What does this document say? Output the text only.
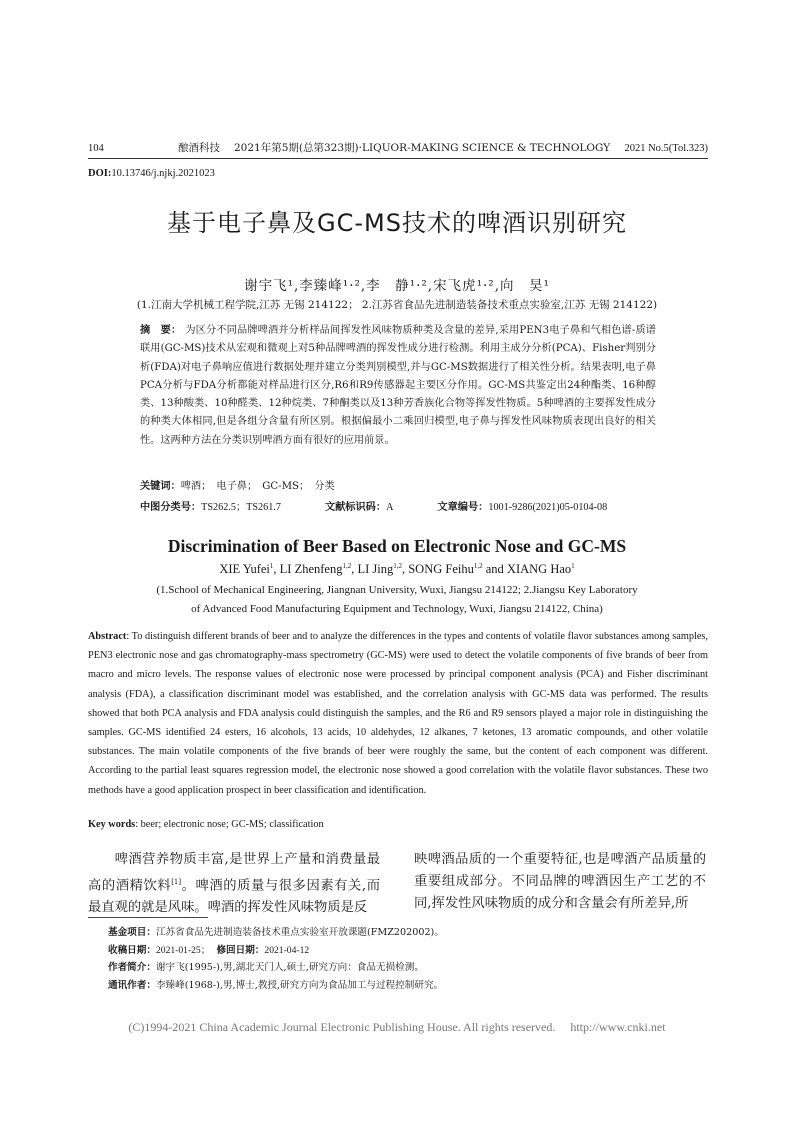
104	酿酒科技 2021年第5期(总第323期)·LIQUOR-MAKING SCIENCE & TECHNOLOGY	2021 No.5(Tol.323)
DOI:10.13746/j.njkj.2021023
基于电子鼻及GC-MS技术的啤酒识别研究
谢宇飞¹,李臻峰¹·²,李　静¹·²,宋飞虎¹·²,向　昊¹
(1.江南大学机械工程学院,江苏 无锡 214122； 2.江苏省食品先进制造装备技术重点实验室,江苏 无锡 214122)
摘　要： 为区分不同品牌啤酒并分析样品间挥发性风味物质种类及含量的差异,采用PEN3电子鼻和气相色谱-质谱联用(GC-MS)技术从宏观和微观上对5种品牌啤酒的挥发性成分进行检测。利用主成分分析(PCA)、Fisher判别分析(FDA)对电子鼻响应值进行数据处理并建立分类判别模型,并与GC-MS数据进行了相关性分析。结果表明,电子鼻PCA分析与FDA分析都能对样品进行区分,R6和R9传感器起主要区分作用。GC-MS共鉴定出24种酯类、16种醇类、13种酸类、10种醛类、12种烷类、7种酮类以及13种芳香族化合物等挥发性物质。5种啤酒的主要挥发性成分的种类大体相同,但是各组分含量有所区别。根据偏最小二乘回归模型,电子鼻与挥发性风味物质表现出良好的相关性。这两种方法在分类识别啤酒方面有很好的应用前景。
关键词：啤酒；　电子鼻；　GC-MS；　分类
中图分类号：TS262.5；TS261.7	文献标识码：A	文章编号：1001-9286(2021)05-0104-08
Discrimination of Beer Based on Electronic Nose and GC-MS
XIE Yufei$^1$, LI Zhenfeng$^{1,2}$, LI Jing$^{1,2}$, SONG Feihu$^{1,2}$ and XIANG Hao$^1$
(1.School of Mechanical Engineering, Jiangnan University, Wuxi, Jiangsu 214122; 2.Jiangsu Key Laboratory
of Advanced Food Manufacturing Equipment and Technology, Wuxi, Jiangsu 214122, China)
Abstract: To distinguish different brands of beer and to analyze the differences in the types and contents of volatile flavor substances among samples, PEN3 electronic nose and gas chromatography-mass spectrometry (GC-MS) were used to detect the volatile components of five brands of beer from macro and micro levels. The response values of electronic nose were processed by principal component analysis (PCA) and Fisher discriminant analysis (FDA), a classification discriminant model was established, and the correlation analysis with GC-MS data was performed. The results showed that both PCA analysis and FDA analysis could distinguish the samples, and the R6 and R9 sensors played a major role in distinguishing the samples. GC-MS identified 24 esters, 16 alcohols, 13 acids, 10 aldehydes, 12 alkanes, 7 ketones, 13 aromatic compounds, and other volatile substances. The main volatile components of the five brands of beer were roughly the same, but the content of each component was different. According to the partial least squares regression model, the electronic nose showed a good correlation with the volatile flavor substances. These two methods have a good application prospect in beer classification and identification.
Key words: beer; electronic nose; GC-MS; classification
啤酒营养物质丰富,是世界上产量和消费量最高的酒精饮料[1]。啤酒的质量与很多因素有关,而最直观的就是风味。啤酒的挥发性风味物质是反
映啤酒品质的一个重要特征,也是啤酒产品质量的重要组成部分。不同品牌的啤酒因生产工艺的不同,挥发性风味物质的成分和含量会有所差异,所
基金项目：江苏省食品先进制造装备技术重点实验室开放课题(FMZ202002)。
收稿日期：2021-01-25； 修回日期：2021-04-12
作者简介：谢宇飞(1995-),男,湖北天门人,硕士,研究方向：食品无损检测。
通讯作者：李臻峰(1968-),男,博士,教授,研究方向为食品加工与过程控制研究。
(C)1994-2021 China Academic Journal Electronic Publishing House. All rights reserved.　 http://www.cnki.net
